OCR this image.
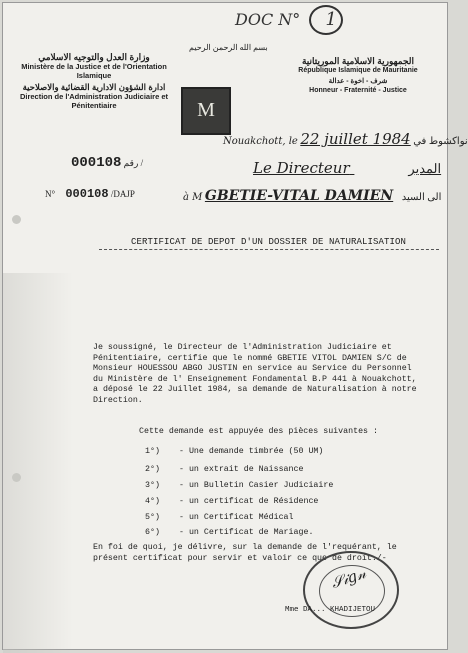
DOC N° 1
بسم الله الرحمن الرحيم
وزارة العدل والتوجيه الاسلامي
Ministère de la Justice et de l'Orientation Islamique
ادارة الشؤون الادارية القضائية والاصلاحية
Direction de l'Administration Judiciaire et Pénitentiaire
الجمهورية الاسلامية الموريتانية
République Islamique de Mauritanie
شرف - اخوة - عدالة
Honneur - Fraternité - Justice
M
Nouakchott, le 22 juillet 1984 نواكشوط في
رقم 000108 /
N° 000108 /DAJP
Le Directeur	المدير
à M GBETIE-VITAL DAMIEN الى السيد
CERTIFICAT DE DEPOT D'UN DOSSIER DE NATURALISATION
Je soussigné, le Directeur de l'Administration Judiciaire et Pénitentiaire, certifie que le nommé GBETIE VITOL DAMIEN S/C de Monsieur HOUESSOU ABGO JUSTIN en service au Service du Personnel du Ministère de l' Enseignement Fondamental B.P 441 à Nouakchott, a déposé le 22 Juillet 1984, sa demande de Naturalisation à notre Direction.
Cette demande est appuyée des pièces suivantes :
1°) - Une demande timbrée (50 UM)
2°) - un extrait de Naissance
3°) - un Bulletin Casier Judiciaire
4°) - un certificat de Résidence
5°) - un Certificat Médical
6°) - un Certificat de Mariage.
En foi de quoi, je délivre, sur la demande de l'requérant, le présent certificat pour servir et valoir ce que de droit./-
𝒮𝒾𝑔𝓃
Mme DA... KHADIJETOU
